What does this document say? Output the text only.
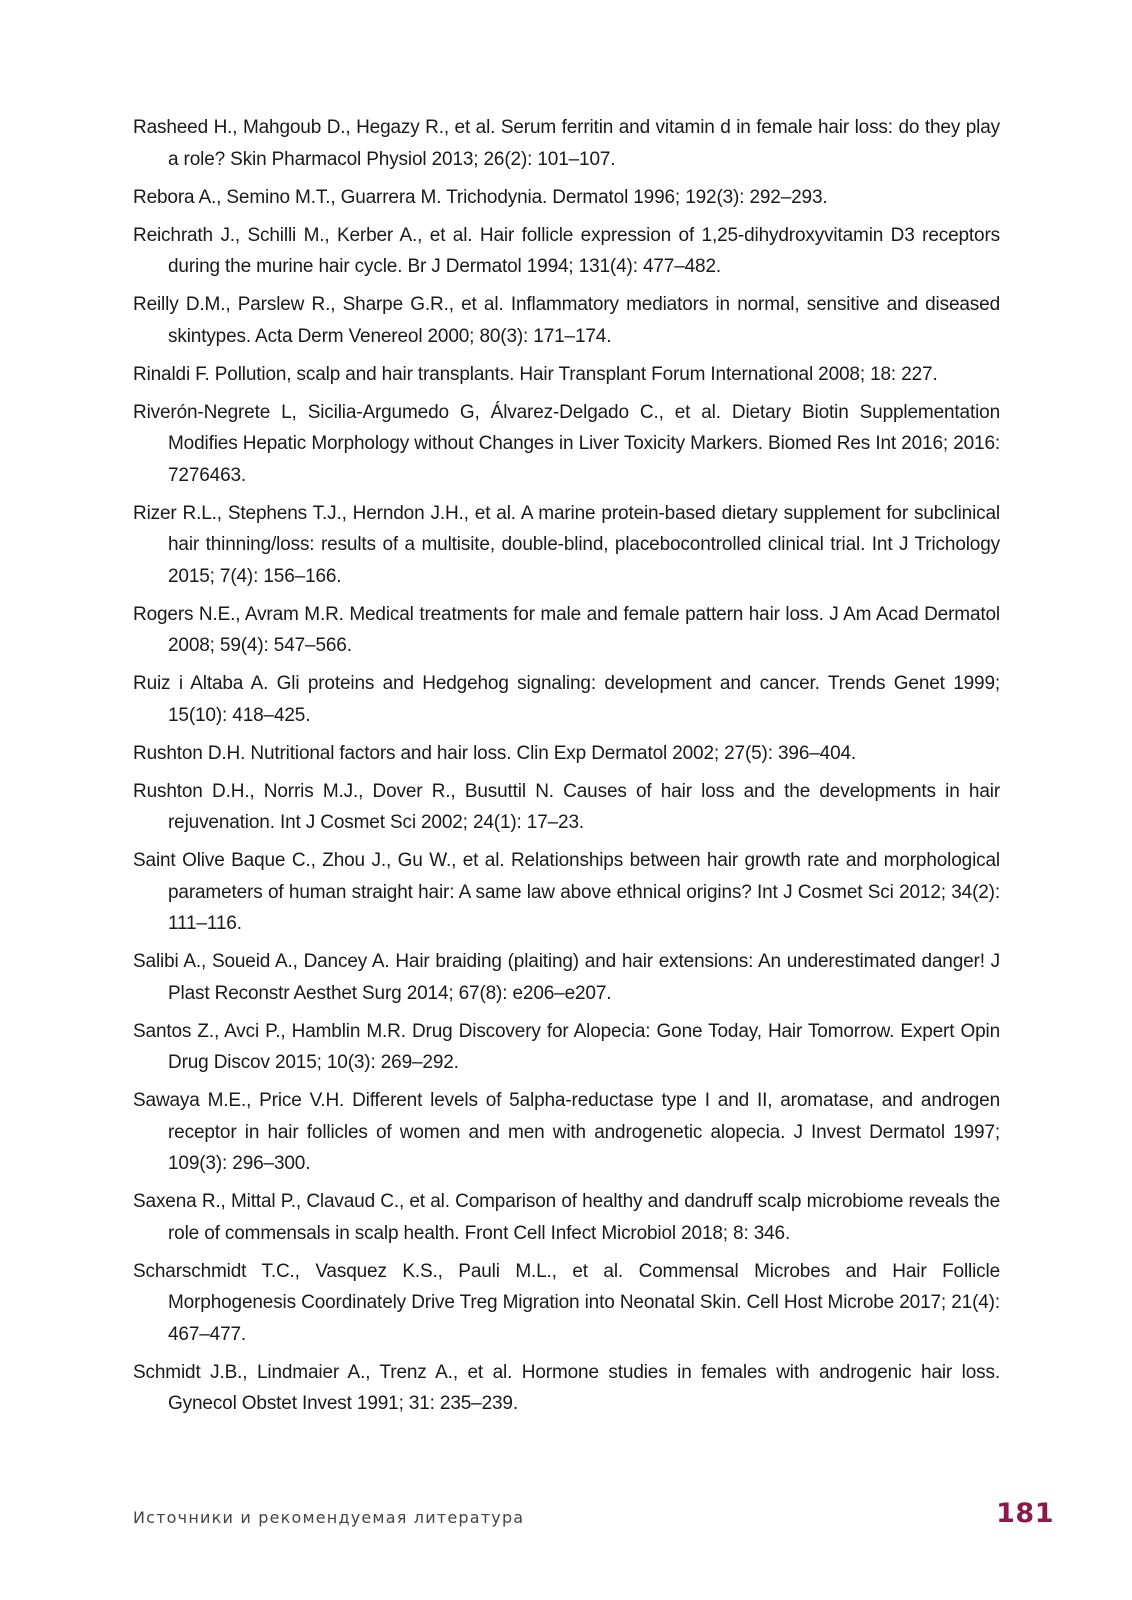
Rasheed H., Mahgoub D., Hegazy R., et al. Serum ferritin and vitamin d in female hair loss: do they play a role? Skin Pharmacol Physiol 2013; 26(2): 101–107.
Rebora A., Semino M.T., Guarrera M. Trichodynia. Dermatol 1996; 192(3): 292–293.
Reichrath J., Schilli M., Kerber A., et al. Hair follicle expression of 1,25-dihydroxyvitamin D3 receptors during the murine hair cycle. Br J Dermatol 1994; 131(4): 477–482.
Reilly D.M., Parslew R., Sharpe G.R., et al. Inflammatory mediators in normal, sensitive and diseased skintypes. Acta Derm Venereol 2000; 80(3): 171–174.
Rinaldi F. Pollution, scalp and hair transplants. Hair Transplant Forum International 2008; 18: 227.
Riverón-Negrete L, Sicilia-Argumedo G, Álvarez-Delgado C., et al. Dietary Biotin Supplementation Modifies Hepatic Morphology without Changes in Liver Toxicity Markers. Biomed Res Int 2016; 2016: 7276463.
Rizer R.L., Stephens T.J., Herndon J.H., et al. A marine protein-based dietary supplement for subclinical hair thinning/loss: results of a multisite, double-blind, placebocontrolled clinical trial. Int J Trichology 2015; 7(4): 156–166.
Rogers N.E., Avram M.R. Medical treatments for male and female pattern hair loss. J Am Acad Dermatol 2008; 59(4): 547–566.
Ruiz i Altaba A. Gli proteins and Hedgehog signaling: development and cancer. Trends Genet 1999; 15(10): 418–425.
Rushton D.H. Nutritional factors and hair loss. Clin Exp Dermatol 2002; 27(5): 396–404.
Rushton D.H., Norris M.J., Dover R., Busuttil N. Causes of hair loss and the developments in hair rejuvenation. Int J Cosmet Sci 2002; 24(1): 17–23.
Saint Olive Baque C., Zhou J., Gu W., et al. Relationships between hair growth rate and morphological parameters of human straight hair: A same law above ethnical origins? Int J Cosmet Sci 2012; 34(2): 111–116.
Salibi A., Soueid A., Dancey A. Hair braiding (plaiting) and hair extensions: An underestimated danger! J Plast Reconstr Aesthet Surg 2014; 67(8): e206–e207.
Santos Z., Avci P., Hamblin M.R. Drug Discovery for Alopecia: Gone Today, Hair Tomorrow. Expert Opin Drug Discov 2015; 10(3): 269–292.
Sawaya M.E., Price V.H. Different levels of 5alpha-reductase type I and II, aromatase, and androgen receptor in hair follicles of women and men with androgenetic alopecia. J Invest Dermatol 1997; 109(3): 296–300.
Saxena R., Mittal P., Clavaud C., et al. Comparison of healthy and dandruff scalp microbiome reveals the role of commensals in scalp health. Front Cell Infect Microbiol 2018; 8: 346.
Scharschmidt T.C., Vasquez K.S., Pauli M.L., et al. Commensal Microbes and Hair Follicle Morphogenesis Coordinately Drive Treg Migration into Neonatal Skin. Cell Host Microbe 2017; 21(4): 467–477.
Schmidt J.B., Lindmaier A., Trenz A., et al. Hormone studies in females with androgenic hair loss. Gynecol Obstet Invest 1991; 31: 235–239.
Источники и рекомендуемая литература	181
